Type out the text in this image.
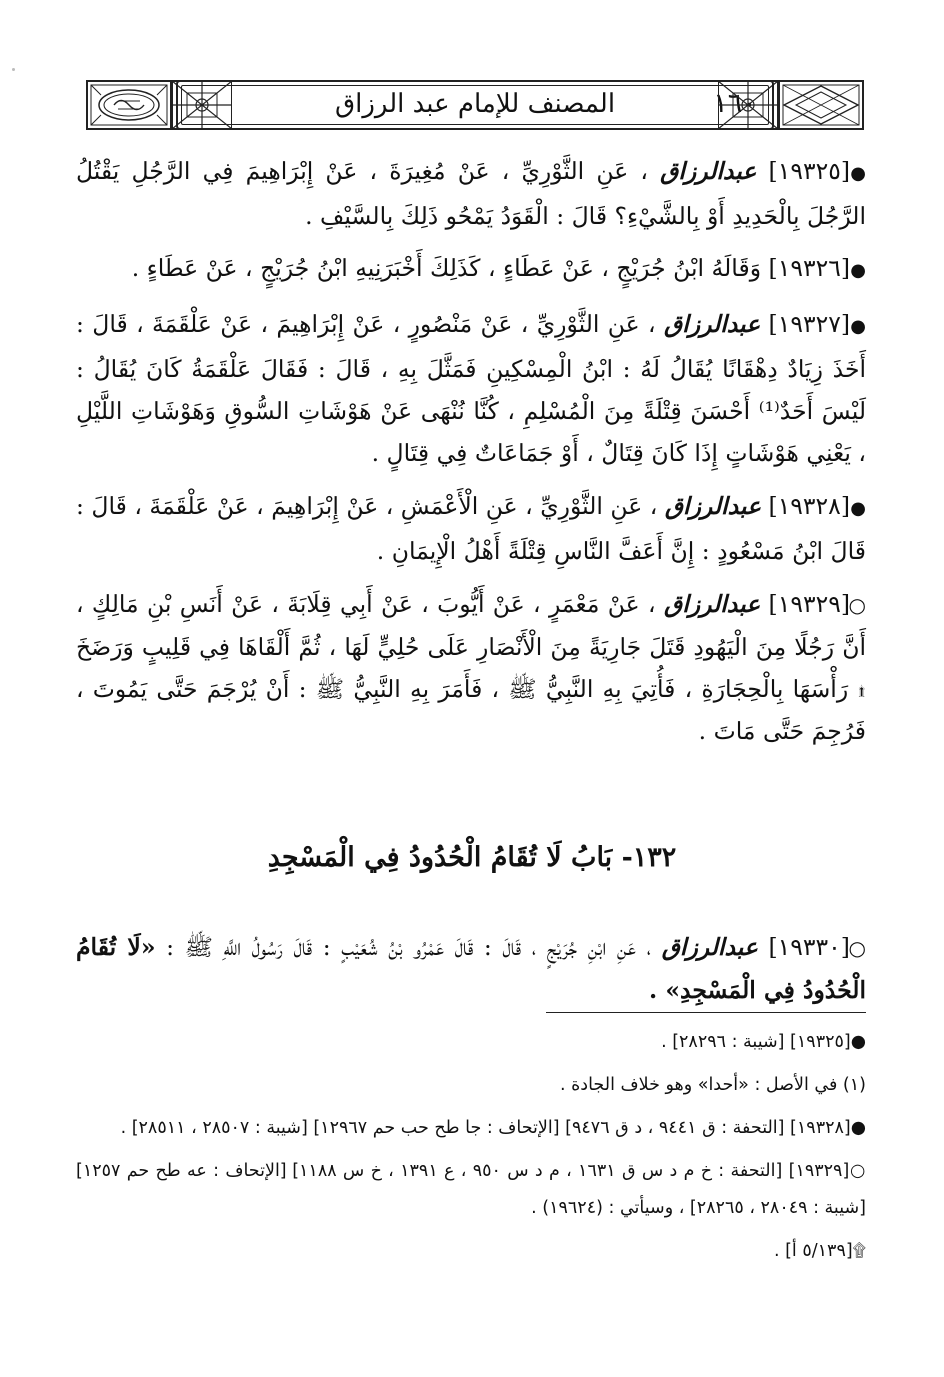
المصنف للإمام عبد الرزاق	١٦٠

●[١٩٣٢٥] عبدالرزاق ، عَنِ الثَّوْرِيِّ ، عَنْ مُغِيرَةَ ، عَنْ إِبْرَاهِيمَ فِي الرَّجُلِ يَقْتُلُ الرَّجُلَ بِالْحَدِيدِ أَوْ بِالشَّيْءِ؟ قَالَ : الْقَوَدُ يَمْحُو ذَلِكَ بِالسَّيْفِ .

●[١٩٣٢٦] وَقَالَهُ ابْنُ جُرَيْجٍ ، عَنْ عَطَاءٍ ، كَذَلِكَ أَخْبَرَنِيهِ ابْنُ جُرَيْجٍ ، عَنْ عَطَاءٍ .

●[١٩٣٢٧] عبدالرزاق ، عَنِ الثَّوْرِيِّ ، عَنْ مَنْصُورٍ ، عَنْ إِبْرَاهِيمَ ، عَنْ عَلْقَمَةَ ، قَالَ : أَخَذَ زِيَادٌ دِهْقَانًا يُقَالُ لَهُ : ابْنُ الْمِسْكِينِ فَمَثَّلَ بِهِ ، قَالَ : فَقَالَ عَلْقَمَةُ كَانَ يُقَالُ : لَيْسَ أَحَدٌ⁽¹⁾ أَحْسَنَ قِتْلَةً مِنَ الْمُسْلِمِ ، كُنَّا نُنْهَى عَنْ هَوْشَاتِ السُّوقِ وَهَوْشَاتِ اللَّيْلِ ، يَعْنِي هَوْشَاتٍ إِذَا كَانَ قِتَالٌ ، أَوْ جَمَاعَاتٌ فِي قِتَالٍ .

●[١٩٣٢٨] عبدالرزاق ، عَنِ الثَّوْرِيِّ ، عَنِ الْأَعْمَشِ ، عَنْ إِبْرَاهِيمَ ، عَنْ عَلْقَمَةَ ، قَالَ : قَالَ ابْنُ مَسْعُودٍ : إِنَّ أَعَفَّ النَّاسِ قِتْلَةً أَهْلُ الْإِيمَانِ .

○[١٩٣٢٩] عبدالرزاق ، عَنْ مَعْمَرٍ ، عَنْ أَيُّوبَ ، عَنْ أَبِي قِلَابَةَ ، عَنْ أَنَسِ بْنِ مَالِكٍ ، أَنَّ رَجُلًا مِنَ الْيَهُودِ قَتَلَ جَارِيَةً مِنَ الْأَنْصَارِ عَلَى حُلِيٍّ لَهَا ، ثُمَّ أَلْقَاهَا فِي قَلِيبٍ وَرَضَخَ ۩ رَأْسَهَا بِالْحِجَارَةِ ، فَأُتِيَ بِهِ النَّبِيُّ ﷺ ، فَأَمَرَ بِهِ النَّبِيُّ ﷺ : أَنْ يُرْجَمَ حَتَّى يَمُوتَ ، فَرُجِمَ حَتَّى مَاتَ .

١٣٢- بَابُ لَا تُقَامُ الْحُدُودُ فِي الْمَسْجِدِ

○[١٩٣٣٠] عبدالرزاق ، عَنِ ابْنِ جُرَيْجٍ ، قَالَ : قَالَ عَمْرُو بْنُ شُعَيْبٍ : قَالَ رَسُولُ اللَّهِ ﷺ : «لَا تُقَامُ الْحُدُودُ فِي الْمَسْجِدِ» .

●[١٩٣٢٥] [شيبة : ٢٨٢٩٦] .

(١) في الأصل : «أحدا» وهو خلاف الجادة .

●[١٩٣٢٨] [التحفة : ق ٩٤٤١ ، د ق ٩٤٧٦] [الإتحاف : جا طح حب حم ١٢٩٦٧] [شيبة : ٢٨٥٠٧ ، ٢٨٥١١] .

○[١٩٣٢٩] [التحفة : خ م د س ق ١٦٣١ ، م د س ٩٥٠ ، ع ١٣٩١ ، خ س ١١٨٨] [الإتحاف : عه طح حم ١٢٥٧] [شيبة : ٢٨٠٤٩ ، ٢٨٢٦٥] ، وسيأتي : (١٩٦٢٤) .

۩[٥/١٣٩ أ] .
